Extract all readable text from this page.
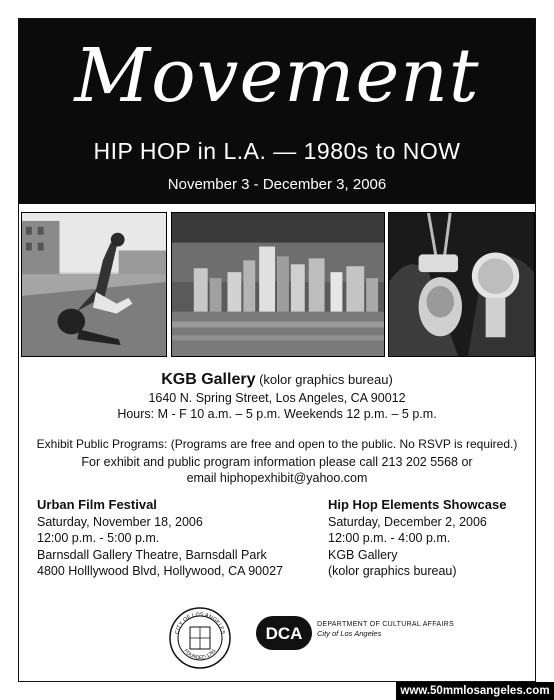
Movement
HIP HOP in L.A. — 1980s to NOW
November 3 - December 3, 2006
KGB Gallery (kolor graphics bureau)
1640 N. Spring Street, Los Angeles, CA 90012
Hours: M - F 10 a.m. – 5 p.m. Weekends 12 p.m. – 5 p.m.
Exhibit Public Programs: (Programs are free and open to the public. No RSVP is required.)
For exhibit and public program information please call 213 202 5568 or
email hiphopexhibit@yahoo.com
Urban Film Festival
Saturday, November 18, 2006
12:00 p.m. - 5:00 p.m.
Barnsdall Gallery Theatre, Barnsdall Park
4800 Holllywood Blvd, Hollywood, CA 90027
Hip Hop Elements Showcase
Saturday, December 2, 2006
12:00 p.m. - 4:00 p.m.
KGB Gallery
(kolor graphics bureau)
CITY OF LOS ANGELES
FOUNDED 1781
DCA DEPARTMENT OF CULTURAL AFFAIRS
City of Los Angeles
www.50mmlosangeles.com
